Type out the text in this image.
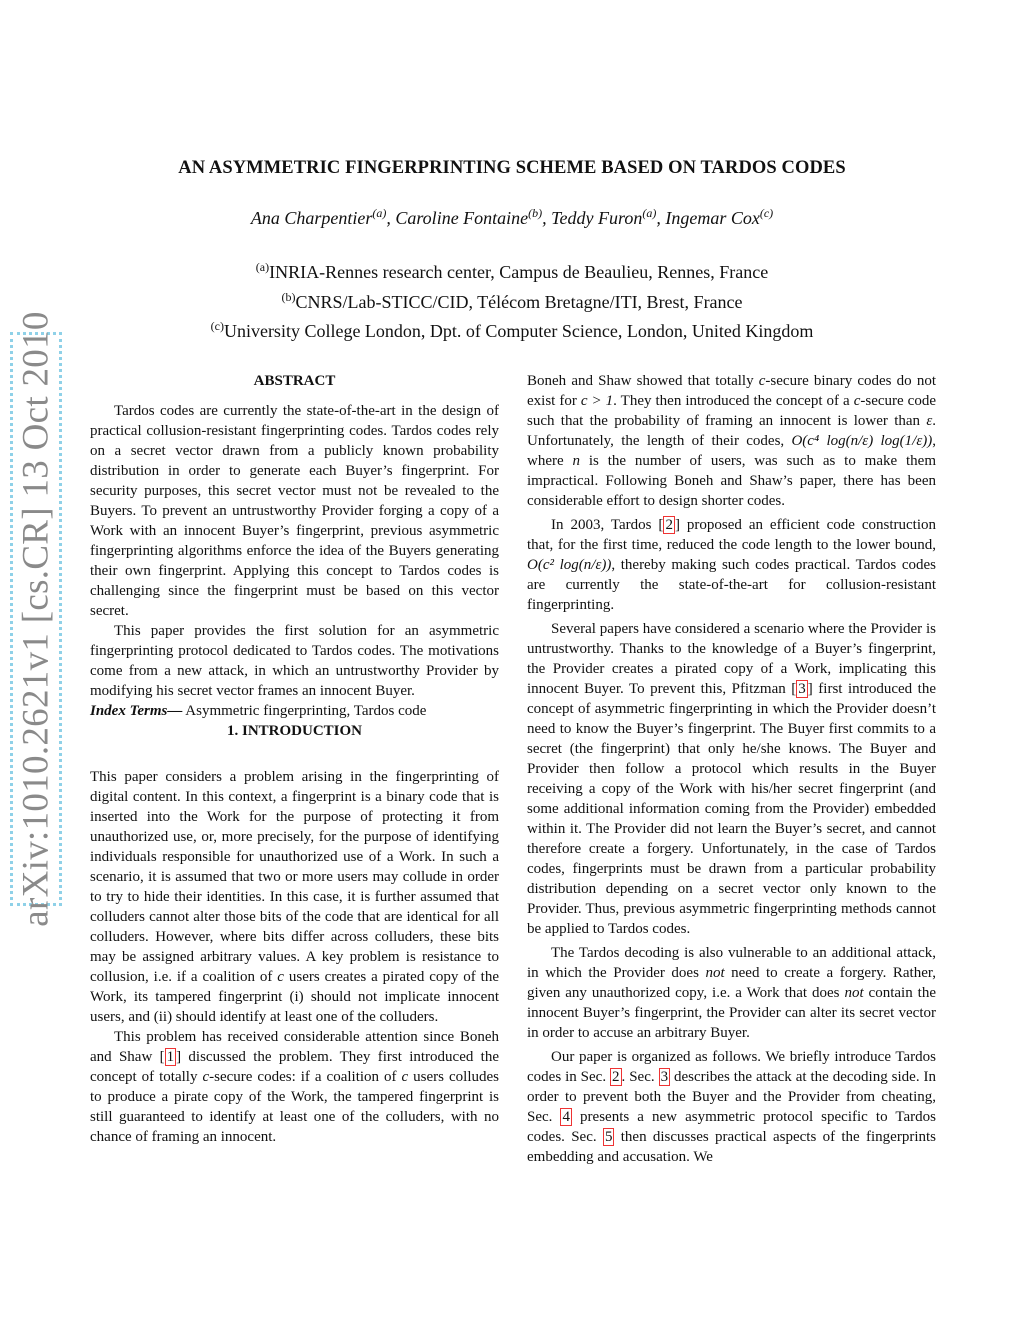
arXiv:1010.2621v1 [cs.CR] 13 Oct 2010
AN ASYMMETRIC FINGERPRINTING SCHEME BASED ON TARDOS CODES
Ana Charpentier$^{(a)}$, Caroline Fontaine$^{(b)}$, Teddy Furon$^{(a)}$, Ingemar Cox$^{(c)}$
$^{(a)}$INRIA-Rennes research center, Campus de Beaulieu, Rennes, France
$^{(b)}$CNRS/Lab-STICC/CID, Télécom Bretagne/ITI, Brest, France
$^{(c)}$University College London, Dpt. of Computer Science, London, United Kingdom
ABSTRACT

Tardos codes are currently the state-of-the-art in the design of practical collusion-resistant fingerprinting codes. Tardos codes rely on a secret vector drawn from a publicly known probability distribution in order to generate each Buyer’s fingerprint. For security purposes, this secret vector must not be revealed to the Buyers. To prevent an untrustworthy Provider forging a copy of a Work with an innocent Buyer’s fingerprint, previous asymmetric fingerprinting algorithms enforce the idea of the Buyers generating their own fingerprint. Applying this concept to Tardos codes is challenging since the fingerprint must be based on this vector secret.

This paper provides the first solution for an asymmetric fingerprinting protocol dedicated to Tardos codes. The motivations come from a new attack, in which an untrustworthy Provider by modifying his secret vector frames an innocent Buyer.

Index Terms— Asymmetric fingerprinting, Tardos code

1. INTRODUCTION

This paper considers a problem arising in the fingerprinting of digital content. In this context, a fingerprint is a binary code that is inserted into the Work for the purpose of protecting it from unauthorized use, or, more precisely, for the purpose of identifying individuals responsible for unauthorized use of a Work. In such a scenario, it is assumed that two or more users may collude in order to try to hide their identities. In this case, it is further assumed that colluders cannot alter those bits of the code that are identical for all colluders. However, where bits differ across colluders, these bits may be assigned arbitrary values. A key problem is resistance to collusion, i.e. if a coalition of c users creates a pirated copy of the Work, its tampered fingerprint (i) should not implicate innocent users, and (ii) should identify at least one of the colluders.

This problem has received considerable attention since Boneh and Shaw [ 1 ] discussed the problem. They first introduced the concept of totally c-secure codes: if a coalition of c users colludes to produce a pirate copy of the Work, the tampered fingerprint is still guaranteed to identify at least one of the colluders, with no chance of framing an innocent.

Boneh and Shaw showed that totally c-secure binary codes do not exist for c > 1. They then introduced the concept of a c-secure code such that the probability of framing an innocent is lower than ε. Unfortunately, the length of their codes, O(c⁴ log(n/ε) log(1/ε)), where n is the number of users, was such as to make them impractical. Following Boneh and Shaw’s paper, there has been considerable effort to design shorter codes.

In 2003, Tardos [ 2 ] proposed an efficient code construction that, for the first time, reduced the code length to the lower bound, O(c² log(n/ε)), thereby making such codes practical. Tardos codes are currently the state-of-the-art for collusion-resistant fingerprinting.

Several papers have considered a scenario where the Provider is untrustworthy. Thanks to the knowledge of a Buyer’s fingerprint, the Provider creates a pirated copy of a Work, implicating this innocent Buyer. To prevent this, Pfitzman [ 3 ] first introduced the concept of asymmetric fingerprinting in which the Provider doesn’t need to know the Buyer’s fingerprint. The Buyer first commits to a secret (the fingerprint) that only he/she knows. The Buyer and Provider then follow a protocol which results in the Buyer receiving a copy of the Work with his/her secret fingerprint (and some additional information coming from the Provider) embedded within it. The Provider did not learn the Buyer’s secret, and cannot therefore create a forgery. Unfortunately, in the case of Tardos codes, fingerprints must be drawn from a particular probability distribution depending on a secret vector only known to the Provider. Thus, previous asymmetric fingerprinting methods cannot be applied to Tardos codes.

The Tardos decoding is also vulnerable to an additional attack, in which the Provider does not need to create a forgery. Rather, given any unauthorized copy, i.e. a Work that does not contain the innocent Buyer’s fingerprint, the Provider can alter its secret vector in order to accuse an arbitrary Buyer.

Our paper is organized as follows. We briefly introduce Tardos codes in Sec. 2 . Sec. 3 describes the attack at the decoding side. In order to prevent both the Buyer and the Provider from cheating, Sec. 4 presents a new asymmetric protocol specific to Tardos codes. Sec. 5 then discusses practical aspects of the fingerprints embedding and accusation. We
